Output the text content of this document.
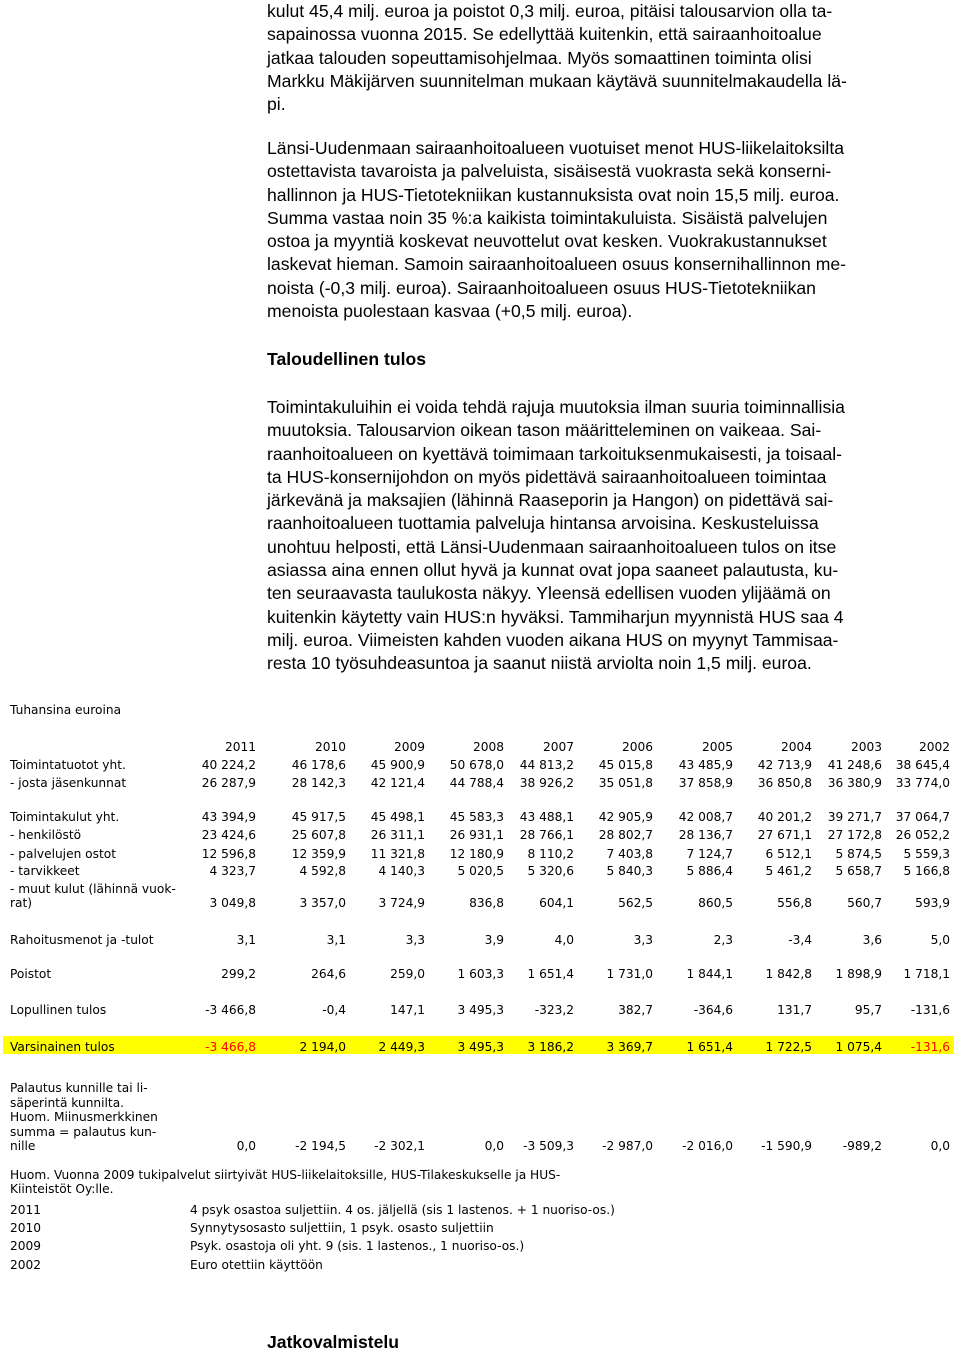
kulut 45,4 milj. euroa ja poistot 0,3 milj. euroa, pitäisi talousarvion olla ta-
sapainossa vuonna 2015. Se edellyttää kuitenkin, että sairaanhoitoalue
jatkaa talouden sopeuttamisohjelmaa. Myös somaattinen toiminta olisi
Markku Mäkijärven suunnitelman mukaan käytävä suunnitelmakaudella lä-
pi.
Länsi-Uudenmaan sairaanhoitoalueen vuotuiset menot HUS-liikelaitoksilta
ostettavista tavaroista ja palveluista, sisäisestä vuokrasta sekä konserni-
hallinnon ja HUS-Tietotekniikan kustannuksista ovat noin 15,5 milj. euroa.
Summa vastaa noin 35 %:a kaikista toimintakuluista. Sisäistä palvelujen
ostoa ja myyntiä koskevat neuvottelut ovat kesken. Vuokrakustannukset
laskevat hieman. Samoin sairaanhoitoalueen osuus konsernihallinnon me-
noista (-0,3 milj. euroa). Sairaanhoitoalueen osuus HUS-Tietotekniikan
menoista puolestaan kasvaa (+0,5 milj. euroa).
Taloudellinen tulos
Toimintakuluihin ei voida tehdä rajuja muutoksia ilman suuria toiminnallisia
muutoksia. Talousarvion oikean tason määritteleminen on vaikeaa. Sai-
raanhoitoalueen on kyettävä toimimaan tarkoituksenmukaisesti, ja toisaal-
ta HUS-konsernijohdon on myös pidettävä sairaanhoitoalueen toimintaa
järkevänä ja maksajien (lähinnä Raaseporin ja Hangon) on pidettävä sai-
raanhoitoalueen tuottamia palveluja hintansa arvoisina. Keskusteluissa
unohtuu helposti, että Länsi-Uudenmaan sairaanhoitoalueen tulos on itse
asiassa aina ennen ollut hyvä ja kunnat ovat jopa saaneet palautusta, ku-
ten seuraavasta taulukosta näkyy. Yleensä edellisen vuoden ylijäämä on
kuitenkin käytetty vain HUS:n hyväksi. Tammiharjun myynnistä HUS saa 4
milj. euroa. Viimeisten kahden vuoden aikana HUS on myynyt Tammisaa-
resta 10 työsuhdeasuntoa ja saanut niistä arviolta noin 1,5 milj. euroa.
Tuhansina euroina
2011	2010	2009	2008	2007	2006	2005	2004	2003	2002
Toimintatuotot yht.	40 224,2	46 178,6	45 900,9	50 678,0	44 813,2	45 015,8	43 485,9	42 713,9	41 248,6	38 645,4
- josta jäsenkunnat	26 287,9	28 142,3	42 121,4	44 788,4	38 926,2	35 051,8	37 858,9	36 850,8	36 380,9	33 774,0
Toimintakulut yht.	43 394,9	45 917,5	45 498,1	45 583,3	43 488,1	42 905,9	42 008,7	40 201,2	39 271,7	37 064,7
- henkilöstö	23 424,6	25 607,8	26 311,1	26 931,1	28 766,1	28 802,7	28 136,7	27 671,1	27 172,8	26 052,2
- palvelujen ostot	12 596,8	12 359,9	11 321,8	12 180,9	8 110,2	7 403,8	7 124,7	6 512,1	5 874,5	5 559,3
- tarvikkeet	4 323,7	4 592,8	4 140,3	5 020,5	5 320,6	5 840,3	5 886,4	5 461,2	5 658,7	5 166,8
- muut kulut (lähinnä vuok-
rat)	3 049,8	3 357,0	3 724,9	836,8	604,1	562,5	860,5	556,8	560,7	593,9
Rahoitusmenot ja -tulot	3,1	3,1	3,3	3,9	4,0	3,3	2,3	-3,4	3,6	5,0
Poistot	299,2	264,6	259,0	1 603,3	1 651,4	1 731,0	1 844,1	1 842,8	1 898,9	1 718,1
Lopullinen tulos	-3 466,8	-0,4	147,1	3 495,3	-323,2	382,7	-364,6	131,7	95,7	-131,6
Varsinainen tulos	-3 466,8	2 194,0	2 449,3	3 495,3	3 186,2	3 369,7	1 651,4	1 722,5	1 075,4	-131,6
Palautus kunnille tai li-
säperintä kunnilta.
Huom. Miinusmerkkinen
summa = palautus kun-
nille	0,0	-2 194,5	-2 302,1	0,0	-3 509,3	-2 987,0	-2 016,0	-1 590,9	-989,2	0,0
Huom. Vuonna 2009 tukipalvelut siirtyivät HUS-liikelaitoksille, HUS-Tilakeskukselle ja HUS-
Kiinteistöt Oy:lle.
2011	4 psyk osastoa suljettiin. 4 os. jäljellä (sis 1 lastenos. + 1 nuoriso-os.)
2010	Synnytysosasto suljettiin, 1 psyk. osasto suljettiin
2009	Psyk. osastoja oli yht. 9 (sis. 1 lastenos., 1 nuoriso-os.)
2002	Euro otettiin käyttöön
Jatkovalmistelu
